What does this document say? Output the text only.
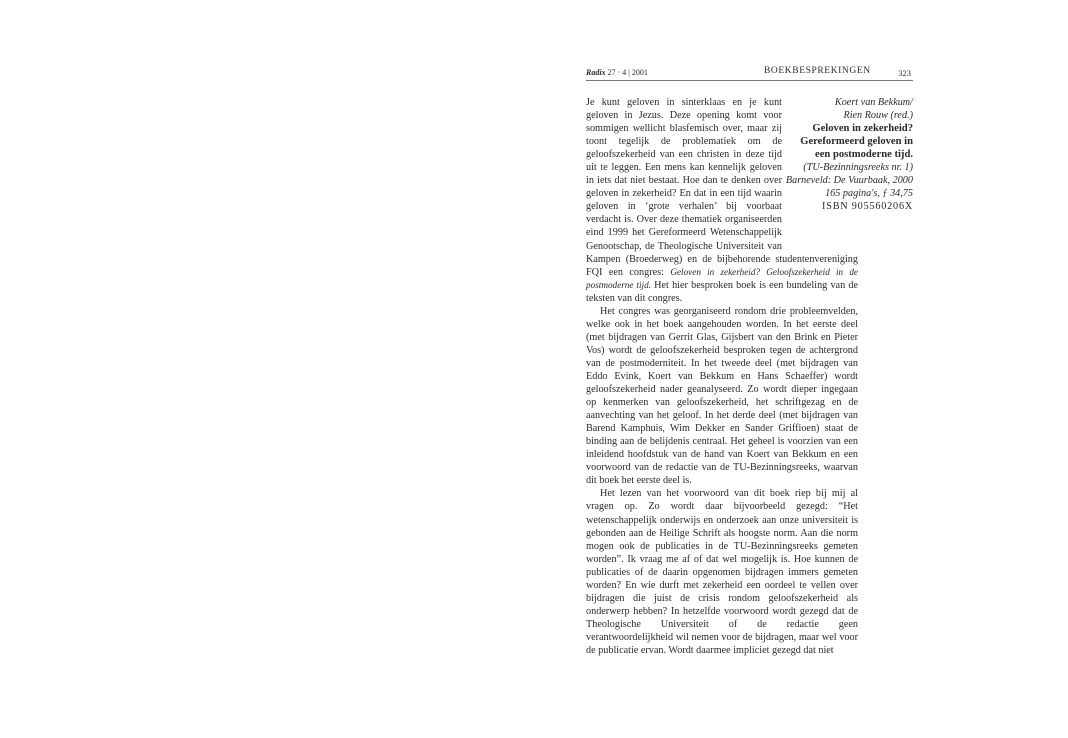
Radix 27 · 4 | 2001	BOEKBESPREKINGEN	323
Koert van Bekkum/
Rien Rouw (red.)
Geloven in zekerheid?
Gereformeerd geloven in
een postmoderne tijd.
(TU-Bezinningsreeks nr. 1)
Barneveld: De Vuurbaak, 2000
165 pagina's, ƒ 34,75
ISBN 905560206X

Je kunt geloven in sinterklaas en je kunt geloven in Jezus. Deze opening komt voor sommigen wellicht blasfemisch over, maar zij toont tegelijk de problematiek om de geloofszekerheid van een christen in deze tijd uit te leggen. Een mens kan kennelijk geloven in iets dat niet bestaat. Hoe dan te denken over geloven in zekerheid? En dat in een tijd waarin geloven in ‘grote verhalen’ bij voorbaat verdacht is. Over deze thematiek organiseerden eind 1999 het Gereformeerd Wetenschappelijk Genootschap, de Theologische Universiteit van Kampen (Broederweg) en de bijbehorende studentenvereniging FQI een congres: Geloven in zekerheid? Geloofszekerheid in de postmoderne tijd. Het hier besproken boek is een bundeling van de teksten van dit congres.

Het congres was georganiseerd rondom drie probleemvelden, welke ook in het boek aangehouden worden. In het eerste deel (met bijdragen van Gerrit Glas, Gijsbert van den Brink en Pieter Vos) wordt de geloofszekerheid besproken tegen de achtergrond van de postmoderniteit. In het tweede deel (met bijdragen van Eddo Evink, Koert van Bekkum en Hans Schaeffer) wordt geloofszekerheid nader geanalyseerd. Zo wordt dieper ingegaan op kenmerken van geloofszekerheid, het schriftgezag en de aanvechting van het geloof. In het derde deel (met bijdragen van Barend Kamphuis, Wim Dekker en Sander Griffioen) staat de binding aan de belijdenis centraal. Het geheel is voorzien van een inleidend hoofdstuk van de hand van Koert van Bekkum en een voorwoord van de redactie van de TU-Bezinningsreeks, waarvan dit boek het eerste deel is.

Het lezen van het voorwoord van dit boek riep bij mij al vragen op. Zo wordt daar bijvoorbeeld gezegd: “Het wetenschappelijk onderwijs en onderzoek aan onze universiteit is gebonden aan de Heilige Schrift als hoogste norm. Aan die norm mogen ook de publicaties in de TU-Bezinningsreeks gemeten worden”. Ik vraag me af of dat wel mogelijk is. Hoe kunnen de publicaties of de daarin opgenomen bijdragen immers gemeten worden? En wie durft met zekerheid een oordeel te vellen over bijdragen die juist de crisis rondom geloofszekerheid als onderwerp hebben? In hetzelfde voorwoord wordt gezegd dat de Theologische Universiteit of de redactie geen verantwoordelijkheid wil nemen voor de bijdragen, maar wel voor de publicatie ervan. Wordt daarmee impliciet gezegd dat niet
